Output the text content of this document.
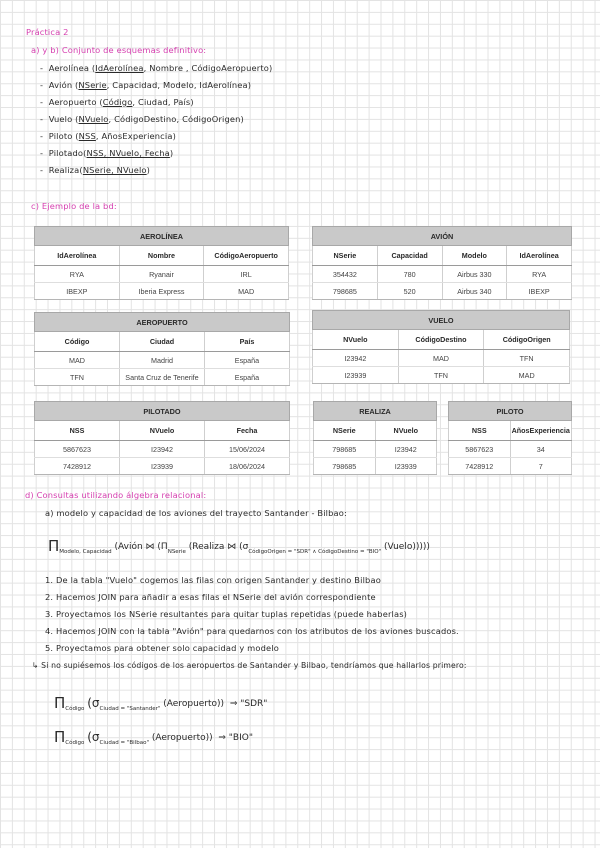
Práctica 2
a) y b) Conjunto de esquemas definitivo:
- Aerolínea (IdAerolínea, Nombre , CódigoAeropuerto)
- Avión (NSerie, Capacidad, Modelo, IdAerolínea)
- Aeropuerto (Código, Ciudad, País)
- Vuelo (NVuelo, CódigoDestino, CódigoOrigen)
- Piloto (NSS, AñosExperiencia)
- Pilotado(NSS, NVuelo, Fecha)
- Realiza(NSerie, NVuelo)
c) Ejemplo de la bd:
AEROLÍNEA		
IdAerolínea	Nombre	CódigoAeropuerto
RYA	Ryanair	IRL
IBEXP	Iberia Express	MAD
AVIÓN			
NSerie	Capacidad	Modelo	IdAerolínea
354432	780	Airbus 330	RYA
798685	520	Airbus 340	IBEXP
AEROPUERTO		
Código	Ciudad	País
MAD	Madrid	España
TFN	Santa Cruz de Tenerife	España
VUELO		
NVuelo	CódigoDestino	CódigoOrigen
I23942	MAD	TFN
I23939	TFN	MAD
PILOTADO		
NSS	NVuelo	Fecha
5867623	I23942	15/06/2024
7428912	I23939	18/06/2024
REALIZA	
NSerie	NVuelo
798685	I23942
798685	I23939
PILOTO	
NSS	AñosExperiencia
5867623	34
7428912	7
d) Consultas utilizando álgebra relacional:
a) modelo y capacidad de los aviones del trayecto Santander - Bilbao:
$\Pi_{Modelo, Capacidad}$ (Avión ⋈ ($\Pi_{NSerie}$ (Realiza ⋈ ($\sigma_{CódigoOrigen = "SDR" \wedge CódigoDestino = "BIO"}$ (Vuelo)))))
1. De la tabla "Vuelo" cogemos las filas con origen Santander y destino Bilbao
2. Hacemos JOIN para añadir a esas filas el NSerie del avión correspondiente
3. Proyectamos los NSerie resultantes para quitar tuplas repetidas (puede haberlas)
4. Hacemos JOIN con la tabla "Avión" para quedarnos con los atributos de los aviones buscados.
5. Proyectamos para obtener solo capacidad y modelo
↳ Si no supiésemos los códigos de los aeropuertos de Santander y Bilbao, tendríamos que hallarlos primero:
$\Pi_{Código}$ ($\sigma_{Ciudad = "Santander"}$ (Aeropuerto)) ⇒ "SDR"
$\Pi_{Código}$ ($\sigma_{Ciudad = "Bilbao"}$ (Aeropuerto)) ⇒ "BIO"
